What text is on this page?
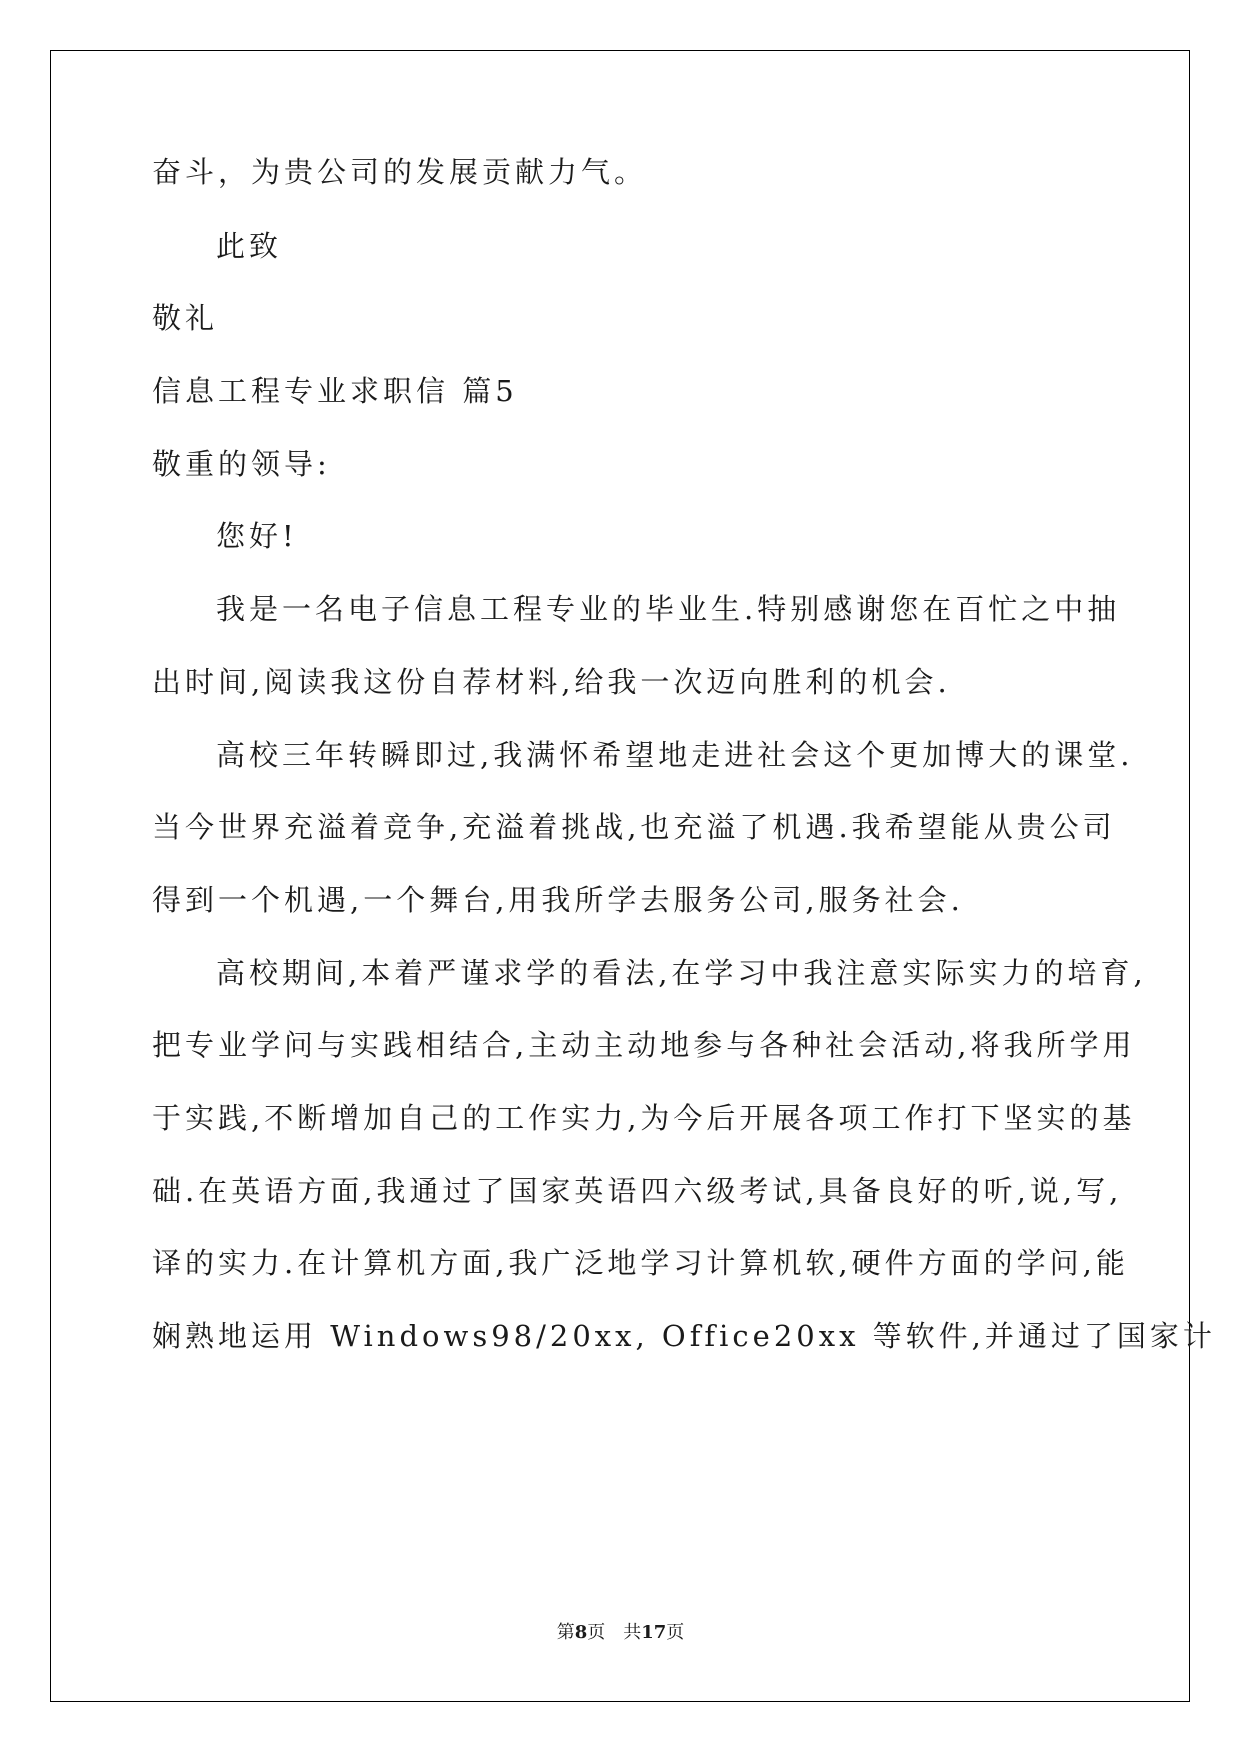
奋斗，为贵公司的发展贡献力气。
此致
敬礼
信息工程专业求职信 篇5
敬重的领导:
您好!
我是一名电子信息工程专业的毕业生.特别感谢您在百忙之中抽
出时间,阅读我这份自荐材料,给我一次迈向胜利的机会.
高校三年转瞬即过,我满怀希望地走进社会这个更加博大的课堂.
当今世界充溢着竞争,充溢着挑战,也充溢了机遇.我希望能从贵公司
得到一个机遇,一个舞台,用我所学去服务公司,服务社会.
高校期间,本着严谨求学的看法,在学习中我注意实际实力的培育,
把专业学问与实践相结合,主动主动地参与各种社会活动,将我所学用
于实践,不断增加自己的工作实力,为今后开展各项工作打下坚实的基
础.在英语方面,我通过了国家英语四六级考试,具备良好的听,说,写,
译的实力.在计算机方面,我广泛地学习计算机软,硬件方面的学问,能
娴熟地运用 Windows98/20xx, Office20xx 等软件,并通过了国家计
第8页　共17页
